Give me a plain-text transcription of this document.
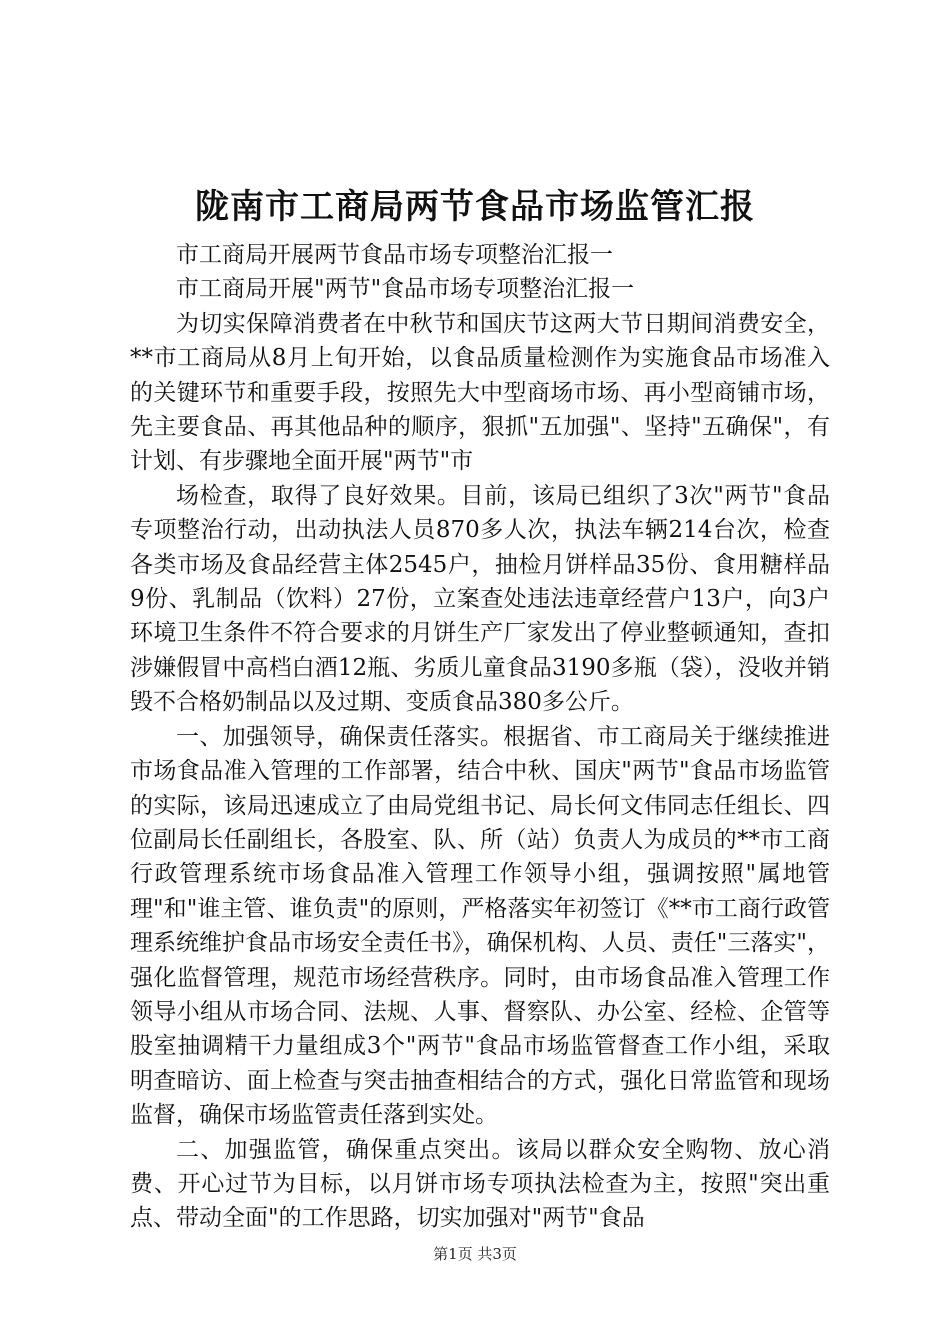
陇南市工商局两节食品市场监管汇报

市工商局开展两节食品市场专项整治汇报一

市工商局开展"两节"食品市场专项整治汇报一

为切实保障消费者在中秋节和国庆节这两大节日期间消费安全，**市工商局从8月上旬开始，以食品质量检测作为实施食品市场准入的关键环节和重要手段，按照先大中型商场市场、再小型商铺市场，先主要食品、再其他品种的顺序，狠抓"五加强"、坚持"五确保"，有计划、有步骤地全面开展"两节"市

场检查，取得了良好效果。目前，该局已组织了3次"两节"食品专项整治行动，出动执法人员870多人次，执法车辆214台次，检查各类市场及食品经营主体2545户，抽检月饼样品35份、食用糖样品9份、乳制品（饮料）27份，立案查处违法违章经营户13户，向3户环境卫生条件不符合要求的月饼生产厂家发出了停业整顿通知，查扣涉嫌假冒中高档白酒12瓶、劣质儿童食品3190多瓶（袋），没收并销毁不合格奶制品以及过期、变质食品380多公斤。

一、加强领导，确保责任落实。根据省、市工商局关于继续推进市场食品准入管理的工作部署，结合中秋、国庆"两节"食品市场监管的实际，该局迅速成立了由局党组书记、局长何文伟同志任组长、四位副局长任副组长，各股室、队、所（站）负责人为成员的**市工商行政管理系统市场食品准入管理工作领导小组，强调按照"属地管理"和"谁主管、谁负责"的原则，严格落实年初签订《**市工商行政管理系统维护食品市场安全责任书》，确保机构、人员、责任"三落实"，强化监督管理，规范市场经营秩序。同时，由市场食品准入管理工作领导小组从市场合同、法规、人事、督察队、办公室、经检、企管等股室抽调精干力量组成3个"两节"食品市场监管督查工作小组，采取明查暗访、面上检查与突击抽查相结合的方式，强化日常监管和现场监督，确保市场监管责任落到实处。

二、加强监管，确保重点突出。该局以群众安全购物、放心消费、开心过节为目标，以月饼市场专项执法检查为主，按照"突出重点、带动全面"的工作思路，切实加强对"两节"食品

第1页 共3页
